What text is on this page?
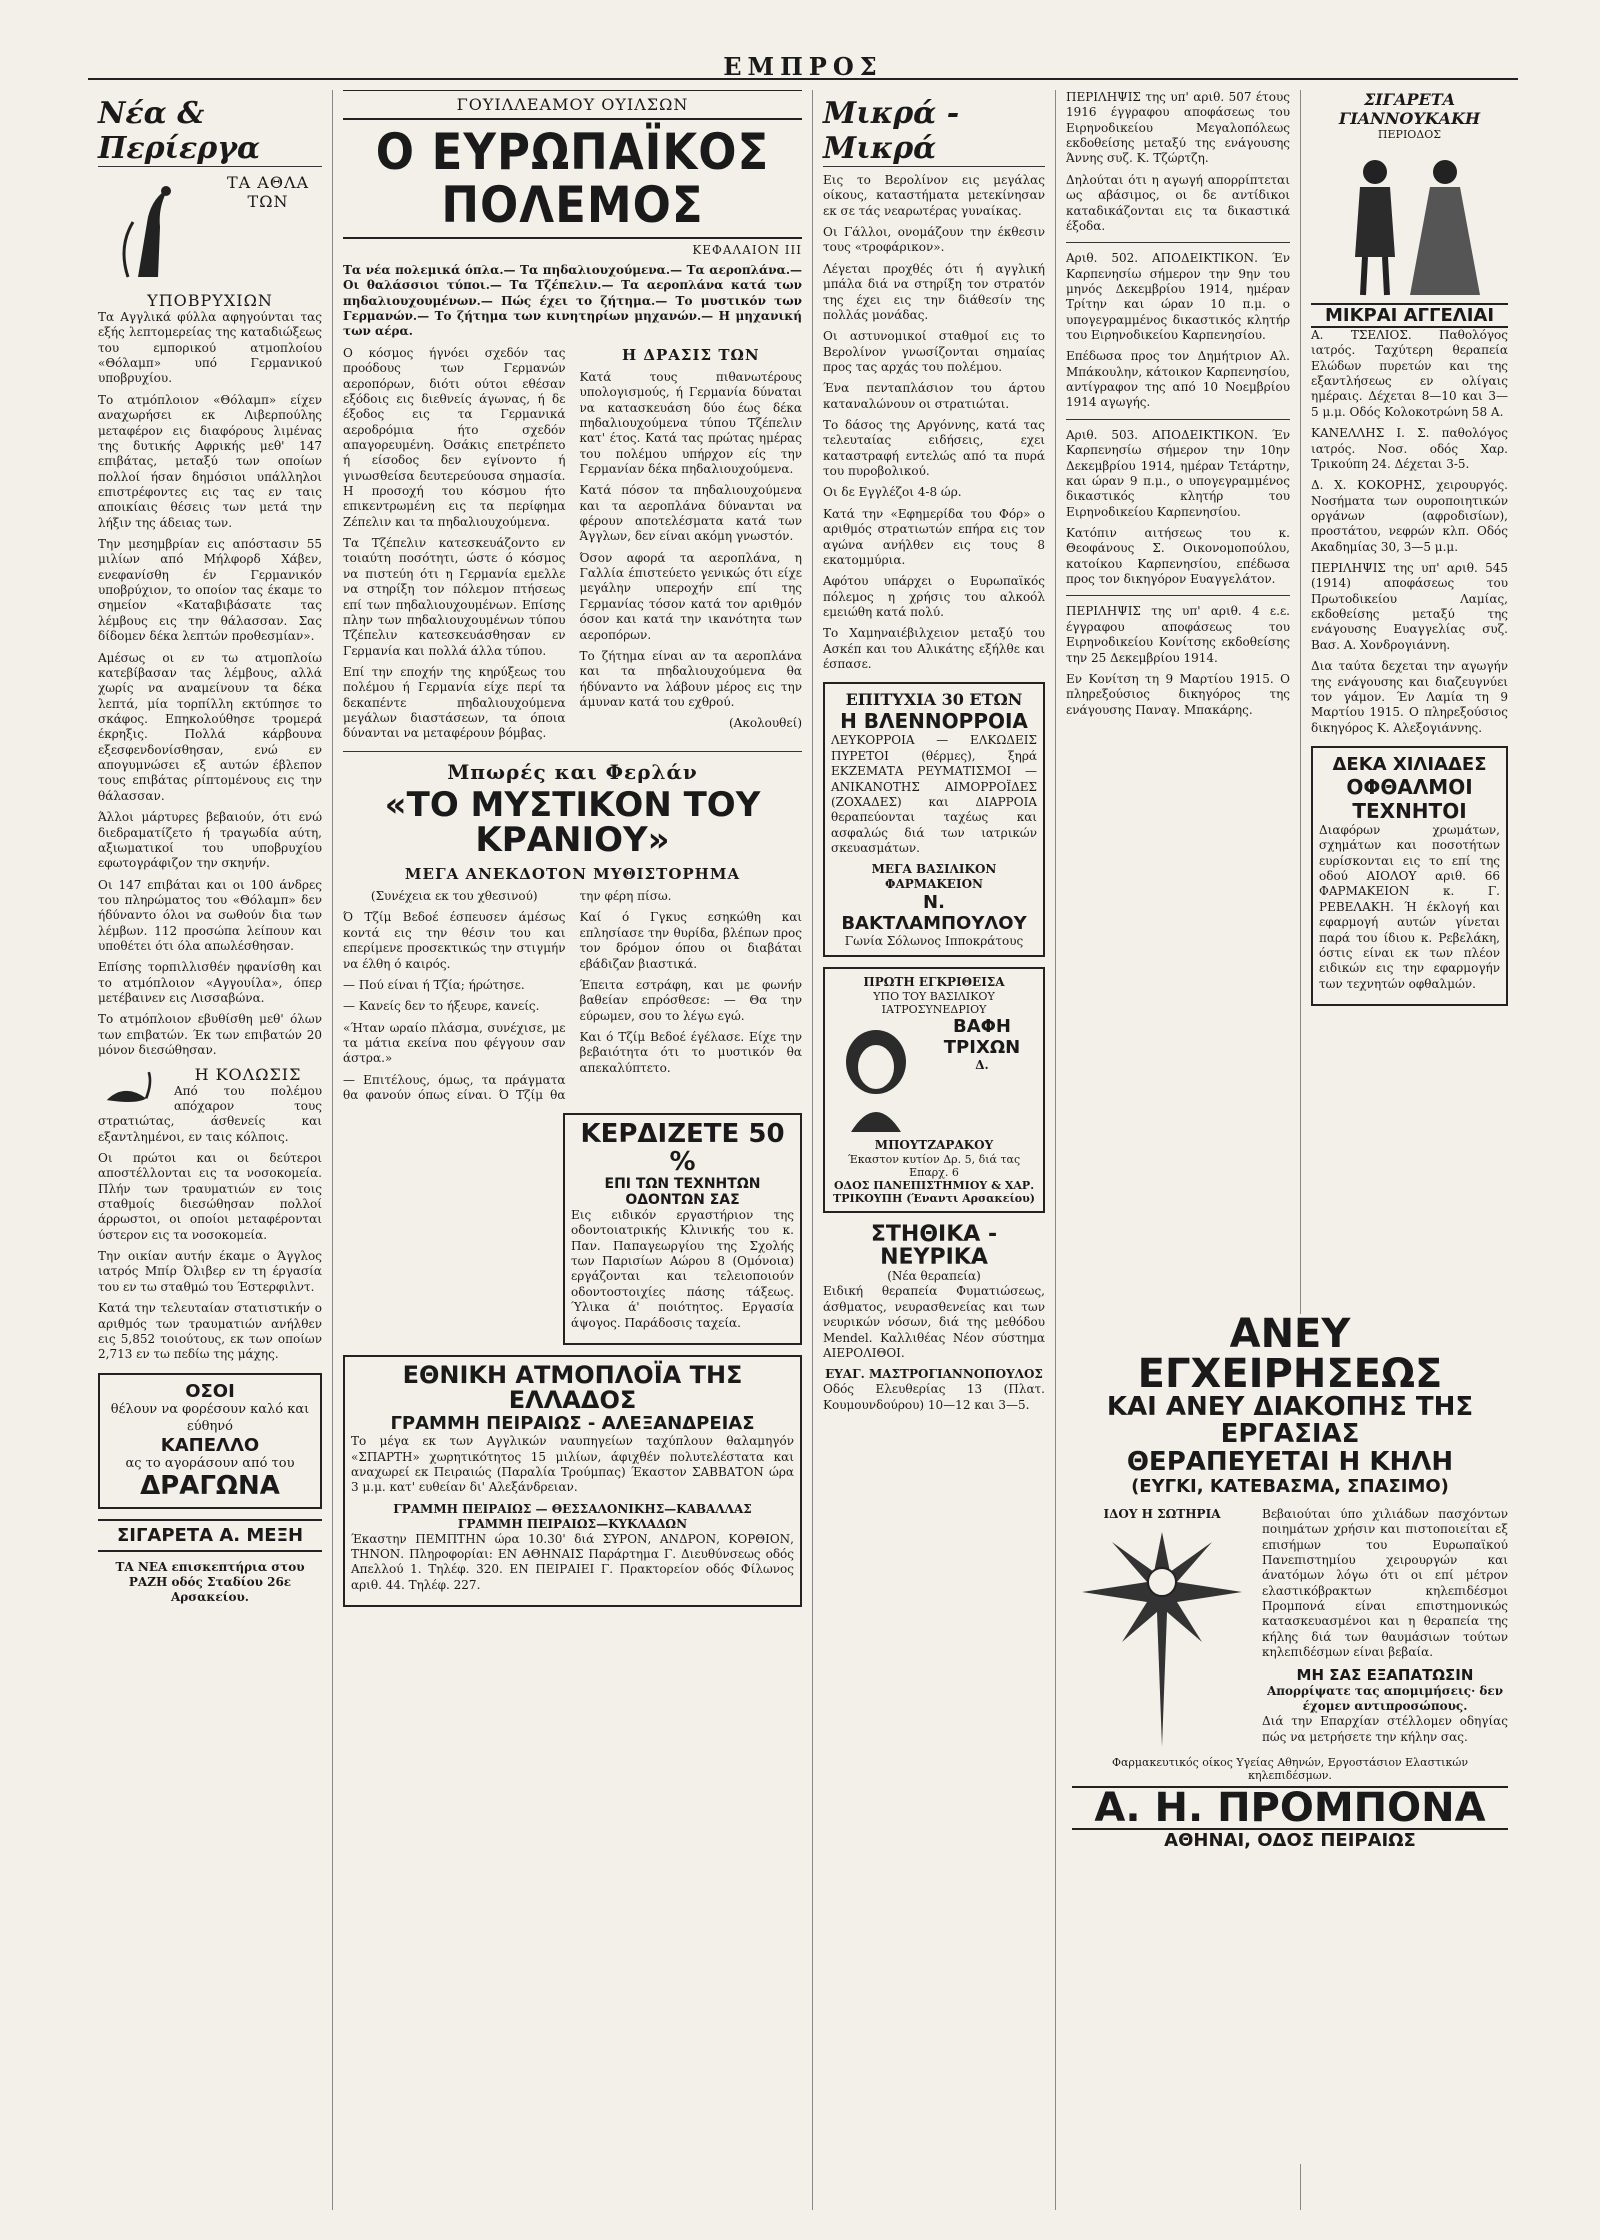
ΕΜΠΡΟΣ
Νέα & Περίεργα
ΤΑ ΑΘΛΑ ΤΩΝ ΥΠΟΒΡΥΧΙΩΝ

Τα Αγγλικά φύλλα αφηγούνται τας εξής λεπτομερείας της καταδιώξεως του εμπορικού ατμοπλοίου «Θόλαμπ» υπό Γερμανικού υποβρυχίου.

Το ατμόπλοιον «Θόλαμπ» είχεν αναχωρήσει εκ Λιβερπούλης μεταφέρον εις διαφόρους λιμένας της δυτικής Αφρικής μεθ' 147 επιβάτας, μεταξύ των οποίων πολλοί ήσαν δημόσιοι υπάλληλοι επιστρέφοντες εις τας εν ταις αποικίαις θέσεις των μετά την λήξιν της άδειας των.

Την μεσημβρίαν εις απόστασιν 55 μιλίων από Μήλφορδ Χάβεν, ενεφανίσθη έν Γερμανικόν υποβρύχιον, το οποίον τας έκαμε το σημείον «Καταβιβάσατε τας λέμβους εις την θάλασσαν. Σας δίδομεν δέκα λεπτών προθεσμίαν».

Αμέσως οι εν τω ατμοπλοίω κατεβίβασαν τας λέμβους, αλλά χωρίς να αναμείνουν τα δέκα λεπτά, μία τορπίλλη εκτύπησε το σκάφος. Επηκολούθησε τρομερά έκρηξις. Πολλά κάρβουνα εξεσφενδονίσθησαν, ενώ εν απογυμνώσει εξ αυτών έβλεπον τους επιβάτας ρίπτομένους εις την θάλασσαν.

Άλλοι μάρτυρες βεβαιούν, ότι ενώ διεδραματίζετο ή τραγωδία αύτη, αξιωματικοί του υποβρυχίου εφωτογράφιζον την σκηνήν.

Οι 147 επιβάται και οι 100 άνδρες του πληρώματος του «Θόλαμπ» δεν ήδύναντο όλοι να σωθούν δια των λέμβων. 112 προσώπα λείπουν και υποθέτει ότι όλα απωλέσθησαν.

Επίσης τορπιλλισθέν ηφανίσθη και το ατμόπλοιον «Αγγουίλα», όπερ μετέβαινεν εις Λισσαβώνα.

Το ατμόπλοιον εβυθίσθη μεθ' όλων των επιβατών. Έκ των επιβατών 20 μόνον διεσώθησαν.

Η ΚΟΛΩΣΙΣ

Από του πολέμου απόχαρον τους στρατιώτας, άσθενείς και εξαντλημένοι, εν ταις κόλποις.

Οι πρώτοι και οι δεύτεροι αποστέλλονται εις τα νοσοκομεία. Πλήν των τραυματιών εν τοις σταθμοίς διεσώθησαν πολλοί άρρωστοι, οι οποίοι μεταφέρονται ύστερον εις τα νοσοκομεία.

Την οικίαν αυτήν έκαμε ο Άγγλος ιατρός Μπίρ Όλιβερ εν τη έργασία του εν τω σταθμώ του Έστερφιλντ.

Κατά την τελευταίαν στατιστικήν ο αριθμός των τραυματιών ανήλθεν εις 5,852 τοιούτους, εκ των οποίων 2,713 εν τω πεδίω της μάχης.

ΟΣΟΙ
θέλουν να φορέσουν καλό και εύθηνό
ΚΑΠΕΛΛΟ
ας το αγοράσουν από του
ΔΡΑΓΩΝΑ
ΣΙΓΑΡΕΤΑ Α. ΜΕΞΗ

ΤΑ ΝΕΑ επισκεπτήρια στου ΡΑΖΗ οδός Σταδίου 26ε Αρσακείου.

ΓΟΥΙΛΛΕΑΜΟΥ ΟΥΙΛΣΩΝ
Ο ΕΥΡΩΠΑΪΚΟΣ ΠΟΛΕΜΟΣ
ΚΕΦΑΛΑΙΟΝ ΙΙΙ

Τα νέα πολεμικά όπλα.— Τα πηδαλιουχούμενα.— Τα αεροπλάνα.— Οι θαλάσσιοι τύποι.— Τα Τζέπελιν.— Τα αεροπλάνα κατά των πηδαλιουχουμένων.— Πώς έχει το ζήτημα.— Το μυστικόν των Γερμανών.— Το ζήτημα των κινητηρίων μηχανών.— Η μηχανική των αέρα.

Ο κόσμος ήγνόει σχεδόν τας προόδους των Γερμανών αεροπόρων, διότι ούτοι εθέσαν εξόδοις εις διεθνείς άγωνας, ή δε έξοδος εις τα Γερμανικά αεροδρόμια ήτο σχεδόν απαγορευμένη. Όσάκις επετρέπετο ή είσοδος δεν εγίνοντο ή γινωσθείσα δευτερεύουσα σημασία. Η προσοχή του κόσμου ήτο επικεντρωμένη εις τα περίφημα Ζέπελιν και τα πηδαλιουχούμενα.

Τα Τζέπελιν κατεσκευάζοντο εν τοιαύτη ποσότητι, ώστε ό κόσμος να πιστεύη ότι η Γερμανία εμελλε να στηρίξη τον πόλεμον πτήσεως επί των πηδαλιουχουμένων. Επίσης πλην των πηδαλιουχουμένων τύπου Τζέπελιν κατεσκευάσθησαν εν Γερμανία και πολλά άλλα τύπου.

Επί την εποχήν της κηρύξεως του πολέμου ή Γερμανία είχε περί τα δεκαπέντε πηδαλιουχούμενα μεγάλων διαστάσεων, τα όποια δύνανται να μεταφέρουν βόμβας.

Η ΔΡΑΣΙΣ ΤΩΝ

Κατά τους πιθανωτέρους υπολογισμούς, ή Γερμανία δύναται να κατασκευάση δύο έως δέκα πηδαλιουχούμενα τύπου Τζέπελιν κατ' έτος. Κατά τας πρώτας ημέρας του πολέμου υπήρχον είς την Γερμανίαν δέκα πηδαλιουχούμενα.

Κατά πόσον τα πηδαλιουχούμενα και τα αεροπλάνα δύνανται να φέρουν αποτελέσματα κατά των Άγγλων, δεν είναι ακόμη γνωστόν.

Όσον αφορά τα αεροπλάνα, η Γαλλία έπιστεύετο γενικώς ότι είχε μεγάλην υπεροχήν επί της Γερμανίας τόσον κατά τον αριθμόν όσον και κατά την ικανότητα των αεροπόρων.

Το ζήτημα είναι αν τα αεροπλάνα και τα πηδαλιουχούμενα θα ήδύναντο να λάβουν μέρος εις την άμυναν κατά του εχθρού.

(Ακολουθεί)

Μπωρές και Φερλάν
«ΤΟ ΜΥΣΤΙΚΟΝ ΤΟΥ ΚΡΑΝΙΟΥ»
ΜΕΓΑ ΑΝΕΚΔΟΤΟΝ ΜΥΘΙΣΤΟΡΗΜΑ

(Συνέχεια εκ του χθεσινού)

Ό Τζίμ Βεδοέ έσπευσεν άμέσως κοντά εις την θέσιν του και επερίμενε προσεκτικώς την στιγμήν να έλθη ό καιρός.

— Πού είναι ή Τζία; ήρώτησε.

— Κανείς δεν το ήξευρε, κανείς.

«Ήταν ωραίο πλάσμα, συνέχισε, με τα μάτια εκείνα που φέγγουν σαν άστρα.»

— Επιτέλους, όμως, τα πράγματα θα φανούν όπως είναι. Ό Τζίμ θα την φέρη πίσω.

Καί ό Γγκυς εσηκώθη και επλησίασε την θυρίδα, βλέπων προς τον δρόμον όπου οι διαβάται εβάδιζαν βιαστικά.

Έπειτα εστράφη, και με φωνήν βαθείαν επρόσθεσε: — Θα την εύρωμεν, σου το λέγω εγώ.

Και ό Τζίμ Βεδοέ έγέλασε. Είχε την βεβαιότητα ότι το μυστικόν θα απεκαλύπτετο.

ΚΕΡΔΙΖΕΤΕ 50 %
ΕΠΙ ΤΩΝ ΤΕΧΝΗΤΩΝ ΟΔΟΝΤΩΝ ΣΑΣ

Εις ειδικόν εργαστήριον της οδοντοιατρικής Κλινικής του κ. Παν. Παπαγεωργίου της Σχολής των Παρισίων Αώρου 8 (Ομόνοια) εργάζονται και τελειοποιούν οδοντοστοιχίες πάσης τάξεως. Ύλικα ά' ποιότητος. Εργασία άψογος. Παράδοσις ταχεία.

ΕΘΝΙΚΗ ΑΤΜΟΠΛΟΪΑ ΤΗΣ ΕΛΛΑΔΟΣ
ΓΡΑΜΜΗ ΠΕΙΡΑΙΩΣ - ΑΛΕΞΑΝΔΡΕΙΑΣ

Το μέγα εκ των Αγγλικών ναυπηγείων ταχύπλουν θαλαμηγόν «ΣΠΑΡΤΗ» χωρητικότητος 15 μιλίων, άφιχθέν πολυτελέστατα και αναχωρεί εκ Πειραιώς (Παραλία Τρούμπας) Έκαστον ΣΑΒΒΑΤΟΝ ώρα 3 μ.μ. κατ' ευθείαν δι' Αλεξάνδρειαν.

ΓΡΑΜΜΗ ΠΕΙΡΑΙΩΣ — ΘΕΣΣΑΛΟΝΙΚΗΣ—ΚΑΒΑΛΛΑΣ
ΓΡΑΜΜΗ ΠΕΙΡΑΙΩΣ—ΚΥΚΛΑΔΩΝ

Έκαστην ΠΕΜΠΤΗΝ ώρα 10.30' διά ΣΥΡΟΝ, ΑΝΔΡΟΝ, ΚΟΡΘΙΟΝ, ΤΗΝΟΝ. Πληροφορίαι: ΕΝ ΑΘΗΝΑΙΣ Παράρτημα Γ. Διευθύνσεως οδός Απελλού 1. Τηλέφ. 320. ΕΝ ΠΕΙΡΑΙΕΙ Γ. Πρακτορείον οδός Φίλωνος αριθ. 44. Τηλέφ. 227.

Μικρά - Μικρά

Εις το Βερολίνον εις μεγάλας οίκους, καταστήματα μετεκίνησαν εκ σε τάς νεαρωτέρας γυναίκας.

Οι Γάλλοι, ονομάζουν την έκθεσιν τους «τροφάρικον».

Λέγεται προχθές ότι ή αγγλική μπάλα διά να στηρίξη τον στρατόν της έχει εις την διάθεσίν της πολλάς μονάδας.

Οι αστυνομικοί σταθμοί εις το Βερολίνον γνωσίζονται σημαίας προς τας αρχάς του πολέμου.

Ένα πενταπλάσιον του άρτου καταναλώνουν οι στρατιώται.

Το δάσος της Αργόννης, κατά τας τελευταίας ειδήσεις, εχει καταστραφή εντελώς από τα πυρά του πυροβολικού.

Οι δε Εγγλέζοι 4-8 ώρ.

Κατά την «Εφημερίδα του Φόρ» ο αριθμός στρατιωτών επήρα εις τον αγώνα ανήλθεν εις τους 8 εκατομμύρια.

Αφότου υπάρχει ο Ευρωπαϊκός πόλεμος η χρήσις του αλκοόλ εμειώθη κατά πολύ.

Το Χαμηναιέβιλχειον μεταξύ του Ασκέπ και του Αλικάτης εξήλθε και έσπασε.

ΕΠΙΤΥΧΙΑ 30 ΕΤΩΝ
Η ΒΛΕΝΝΟΡΡΟΙΑ

ΛΕΥΚΟΡΡΟΙΑ — ΕΛΚΩΔΕΙΣ ΠΥΡΕΤΟΙ (θέρμες), ξηρά ΕΚΖΕΜΑΤΑ ΡΕΥΜΑΤΙΣΜΟΙ — ΑΝΙΚΑΝΟΤΗΣ ΑΙΜΟΡΡΟΪΔΕΣ (ΖΟΧΑΔΕΣ) και ΔΙΑΡΡΟΙΑ θεραπεύονται ταχέως και ασφαλώς διά των ιατρικών σκευασμάτων.

ΜΕΓΑ ΒΑΣΙΛΙΚΟΝ ΦΑΡΜΑΚΕΙΟΝ
Ν. ΒΑΚΤΛΑΜΠΟΥΛΟΥ
Γωνία Σόλωνος Ιπποκράτους
ΠΡΩΤΗ ΕΓΚΡΙΘΕΙΣΑ
ΥΠΟ ΤΟΥ ΒΑΣΙΛΙΚΟΥ ΙΑΤΡΟΣΥΝΕΔΡΙΟΥ
ΒΑΦΗ ΤΡΙΧΩΝ
Δ. ΜΠΟΥΤΖΑΡΑΚΟΥ
Έκαστον κυτίον Δρ. 5, διά τας Επαρχ. 6
ΟΔΟΣ ΠΑΝΕΠΙΣΤΗΜΙΟΥ & ΧΑΡ. ΤΡΙΚΟΥΠΗ (Έναντι Αρσακείου)
ΣΤΗΘΙΚΑ - ΝΕΥΡΙΚΑ
(Νέα θεραπεία)

Ειδική θεραπεία Φυματιώσεως, άσθματος, νευρασθενείας και των νευρικών νόσων, διά της μεθόδου Μendel. Καλλιθέας Νέον σύστημα ΑΙΕΡΟΛΙΘΟΙ.

ΕΥΑΓ. ΜΑΣΤΡΟΓΙΑΝΝΟΠΟΥΛΟΣ

Οδός Ελευθερίας 13 (Πλατ. Κουμουνδούρου) 10—12 και 3—5.

ΠΕΡΙΛΗΨΙΣ της υπ' αριθ. 507 έτους 1916 έγγραφου αποφάσεως του Ειρηνοδικείου Μεγαλοπόλεως εκδοθείσης μεταξύ της ενάγουσης Άννης συζ. Κ. Τζώρτζη.

Δηλούται ότι η αγωγή απορρίπτεται ως αβάσιμος, οι δε αντίδικοι καταδικάζονται εις τα δικαστικά έξοδα.

Αριθ. 502. ΑΠΟΔΕΙΚΤΙΚΟΝ. Έν Καρπενησίω σήμερον την 9ην του μηνός Δεκεμβρίου 1914, ημέραν Τρίτην και ώραν 10 π.μ. ο υπογεγραμμένος δικαστικός κλητήρ του Ειρηνοδικείου Καρπενησίου.

Επέδωσα προς τον Δημήτριον Αλ. Μπάκουλην, κάτοικον Καρπενησίου, αντίγραφον της από 10 Νοεμβρίου 1914 αγωγής.

Αριθ. 503. ΑΠΟΔΕΙΚΤΙΚΟΝ. Έν Καρπενησίω σήμερον την 10ην Δεκεμβρίου 1914, ημέραν Τετάρτην, και ώραν 9 π.μ., ο υπογεγραμμένος δικαστικός κλητήρ του Ειρηνοδικείου Καρπενησίου.

Κατόπιν αιτήσεως του κ. Θεοφάνους Σ. Οικονομοπούλου, κατοίκου Καρπενησίου, επέδωσα προς τον δικηγόρον Ευαγγελάτον.

ΠΕΡΙΛΗΨΙΣ της υπ' αριθ. 4 ε.ε. έγγραφου αποφάσεως του Ειρηνοδικείου Κονίτσης εκδοθείσης την 25 Δεκεμβρίου 1914.

Εν Κονίτση τη 9 Μαρτίου 1915. Ο πληρεξούσιος δικηγόρος της ενάγουσης Παναγ. Μπακάρης.

ΣΙΓΑΡΕΤΑ ΓΙΑΝΝΟΥΚΑΚΗ
ΠΕΡΙΟΔΟΣ
ΜΙΚΡΑΙ ΑΓΓΕΛΙΑΙ

Α. ΤΣΕΛΙΟΣ. Παθολόγος ιατρός. Ταχύτερη θεραπεία Ελώδων πυρετών και της εξαντλήσεως εν ολίγαις ημέραις. Δέχεται 8—10 και 3—5 μ.μ. Οδός Κολοκοτρώνη 58 Α.

ΚΑΝΕΛΛΗΣ Ι. Σ. παθολόγος ιατρός. Νοσ. οδός Χαρ. Τρικούπη 24. Δέχεται 3-5.

Δ. Χ. ΚΟΚΟΡΗΣ, χειρουργός. Νοσήματα των ουροποιητικών οργάνων (αφροδισίων), προστάτου, νεφρών κλπ. Οδός Ακαδημίας 30, 3—5 μ.μ.

ΠΕΡΙΛΗΨΙΣ της υπ' αριθ. 545 (1914) αποφάσεως του Πρωτοδικείου Λαμίας, εκδοθείσης μεταξύ της ενάγουσης Ευαγγελίας συζ. Βασ. Α. Χονδρογιάννη.

Δια ταύτα δεχεται την αγωγήν της ενάγουσης και διαζευγνύει τον γάμον. Έν Λαμία τη 9 Μαρτίου 1915. Ο πληρεξούσιος δικηγόρος Κ. Αλεξογιάννης.

ΔΕΚΑ ΧΙΛΙΑΔΕΣ
ΟΦΘΑΛΜΟΙ ΤΕΧΝΗΤΟΙ

Διαφόρων χρωμάτων, σχημάτων και ποσοτήτων ευρίσκονται εις το επί της οδού ΑΙΟΛΟΥ αριθ. 66 ΦΑΡΜΑΚΕΙΟΝ κ. Γ. ΡΕΒΕΛΑΚΗ. Ή έκλογή και εφαρμογή αυτών γίνεται παρά του ίδιου κ. Ρεβελάκη, όστις είναι εκ των πλέον ειδικών εις την εφαρμογήν των τεχνητών οφθαλμών.

ΑΝΕΥ ΕΓΧΕΙΡΗΣΕΩΣ
ΚΑΙ ΑΝΕΥ ΔΙΑΚΟΠΗΣ ΤΗΣ ΕΡΓΑΣΙΑΣ
ΘΕΡΑΠΕΥΕΤΑΙ Η ΚΗΛΗ
(ΕΥΓΚΙ, ΚΑΤΕΒΑΣΜΑ, ΣΠΑΣΙΜΟ)
ΙΔΟΥ Η ΣΩΤΗΡΙΑ	Βεβαιούται ύπο χιλιάδων πασχόντων ποιημάτων χρήσιν και πιστοποιείται εξ επισήμων του Ευρωπαϊκού Πανεπιστημίου χειρουργών και άνατόμων λόγω ότι οι επί μέτρον ελαστικόβρακτων κηλεπιδέσμοι Προμπονά είναι επιστημονικώς κατασκευασμένοι και η θεραπεία της κήλης διά των θαυμάσιων τούτων κηλεπιδέσμων είναι βεβαία.

ΜΗ ΣΑΣ ΕΞΑΠΑΤΩΣΙΝ
Απορρίψατε τας απομιμήσεις· δεν έχομεν αντιπροσώπους.

Διά την Επαρχίαν στέλλομεν οδηγίας πώς να μετρήσετε την κήλην σας.

Φαρμακευτικός οίκος Υγείας Αθηνών, Εργοστάσιον Ελαστικών κηλεπιδέσμων.
Α. Η. ΠΡΟΜΠΟΝΑ
ΑΘΗΝΑΙ, ΟΔΟΣ ΠΕΙΡΑΙΩΣ
